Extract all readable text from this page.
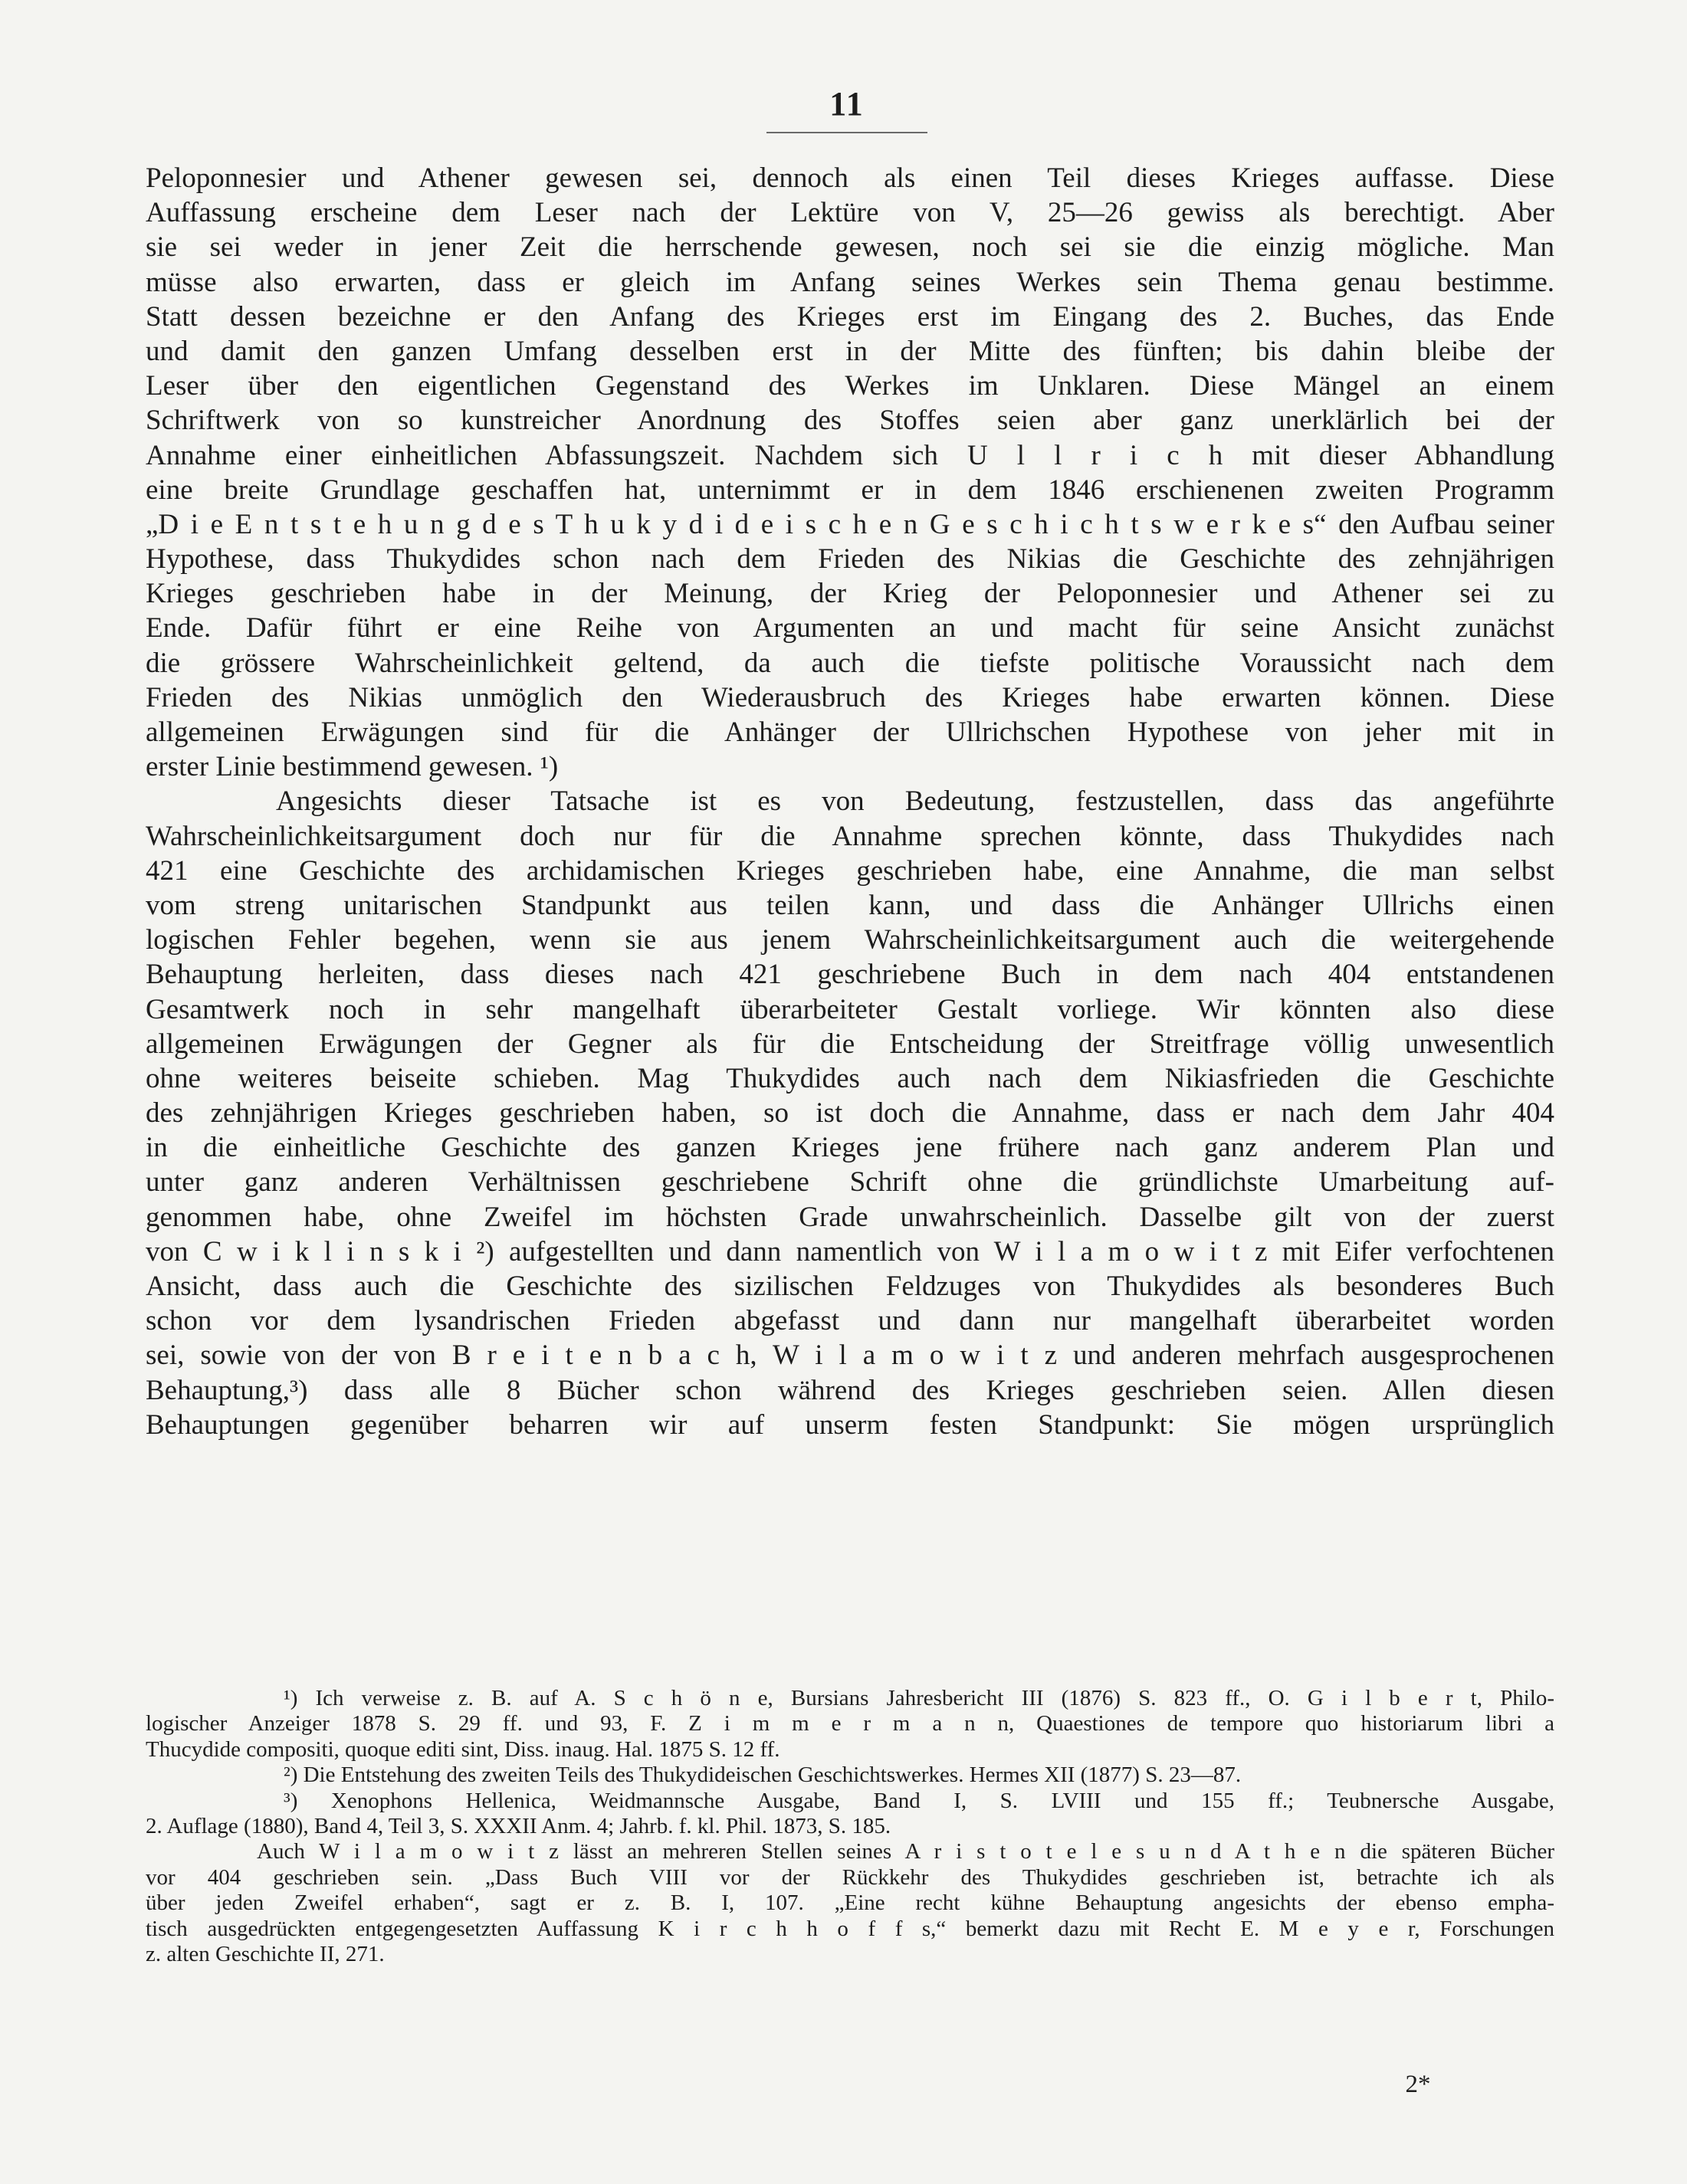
11
Peloponnesier und Athener gewesen sei, dennoch als einen Teil dieses Krieges auffasse. Diese
Auffassung erscheine dem Leser nach der Lektüre von V, 25—26 gewiss als berechtigt. Aber
sie sei weder in jener Zeit die herrschende gewesen, noch sei sie die einzig mögliche. Man
müsse also erwarten, dass er gleich im Anfang seines Werkes sein Thema genau bestimme.
Statt dessen bezeichne er den Anfang des Krieges erst im Eingang des 2. Buches, das Ende
und damit den ganzen Umfang desselben erst in der Mitte des fünften; bis dahin bleibe der
Leser über den eigentlichen Gegenstand des Werkes im Unklaren. Diese Mängel an einem
Schriftwerk von so kunstreicher Anordnung des Stoffes seien aber ganz unerklärlich bei der
Annahme einer einheitlichen Abfassungszeit. Nachdem sich U l l r i c h mit dieser Abhandlung
eine breite Grundlage geschaffen hat, unternimmt er in dem 1846 erschienenen zweiten Programm
„D i e E n t s t e h u n g d e s T h u k y d i d e i s c h e n G e s c h i c h t s w e r k e s“ den Aufbau seiner
Hypothese, dass Thukydides schon nach dem Frieden des Nikias die Geschichte des zehnjährigen
Krieges geschrieben habe in der Meinung, der Krieg der Peloponnesier und Athener sei zu
Ende. Dafür führt er eine Reihe von Argumenten an und macht für seine Ansicht zunächst
die grössere Wahrscheinlichkeit geltend, da auch die tiefste politische Voraussicht nach dem
Frieden des Nikias unmöglich den Wiederausbruch des Krieges habe erwarten können. Diese
allgemeinen Erwägungen sind für die Anhänger der Ullrichschen Hypothese von jeher mit in
erster Linie bestimmend gewesen. ¹)
Angesichts dieser Tatsache ist es von Bedeutung, festzustellen, dass das angeführte
Wahrscheinlichkeitsargument doch nur für die Annahme sprechen könnte, dass Thukydides nach
421 eine Geschichte des archidamischen Krieges geschrieben habe, eine Annahme, die man selbst
vom streng unitarischen Standpunkt aus teilen kann, und dass die Anhänger Ullrichs einen
logischen Fehler begehen, wenn sie aus jenem Wahrscheinlichkeitsargument auch die weitergehende
Behauptung herleiten, dass dieses nach 421 geschriebene Buch in dem nach 404 entstandenen
Gesamtwerk noch in sehr mangelhaft überarbeiteter Gestalt vorliege. Wir könnten also diese
allgemeinen Erwägungen der Gegner als für die Entscheidung der Streitfrage völlig unwesentlich
ohne weiteres beiseite schieben. Mag Thukydides auch nach dem Nikiasfrieden die Geschichte
des zehnjährigen Krieges geschrieben haben, so ist doch die Annahme, dass er nach dem Jahr 404
in die einheitliche Geschichte des ganzen Krieges jene frühere nach ganz anderem Plan und
unter ganz anderen Verhältnissen geschriebene Schrift ohne die gründlichste Umarbeitung auf-
genommen habe, ohne Zweifel im höchsten Grade unwahrscheinlich. Dasselbe gilt von der zuerst
von C w i k l i n s k i ²) aufgestellten und dann namentlich von W i l a m o w i t z mit Eifer verfochtenen
Ansicht, dass auch die Geschichte des sizilischen Feldzuges von Thukydides als besonderes Buch
schon vor dem lysandrischen Frieden abgefasst und dann nur mangelhaft überarbeitet worden
sei, sowie von der von B r e i t e n b a c h, W i l a m o w i t z und anderen mehrfach ausgesprochenen
Behauptung,³) dass alle 8 Bücher schon während des Krieges geschrieben seien. Allen diesen
Behauptungen gegenüber beharren wir auf unserm festen Standpunkt: Sie mögen ursprünglich
¹) Ich verweise z. B. auf A. S c h ö n e, Bursians Jahresbericht III (1876) S. 823 ff., O. G i l b e r t, Philo-
logischer Anzeiger 1878 S. 29 ff. und 93, F. Z i m m e r m a n n, Quaestiones de tempore quo historiarum libri a
Thucydide compositi, quoque editi sint, Diss. inaug. Hal. 1875 S. 12 ff.
²) Die Entstehung des zweiten Teils des Thukydideischen Geschichtswerkes. Hermes XII (1877) S. 23—87.
³) Xenophons Hellenica, Weidmannsche Ausgabe, Band I, S. LVIII und 155 ff.; Teubnersche Ausgabe,
2. Auflage (1880), Band 4, Teil 3, S. XXXII Anm. 4; Jahrb. f. kl. Phil. 1873, S. 185.
Auch W i l a m o w i t z lässt an mehreren Stellen seines A r i s t o t e l e s u n d A t h e n die späteren Bücher
vor 404 geschrieben sein. „Dass Buch VIII vor der Rückkehr des Thukydides geschrieben ist, betrachte ich als
über jeden Zweifel erhaben“, sagt er z. B. I, 107. „Eine recht kühne Behauptung angesichts der ebenso empha-
tisch ausgedrückten entgegengesetzten Auffassung K i r c h h o f f s,“ bemerkt dazu mit Recht E. M e y e r, Forschungen
z. alten Geschichte II, 271.
2*
